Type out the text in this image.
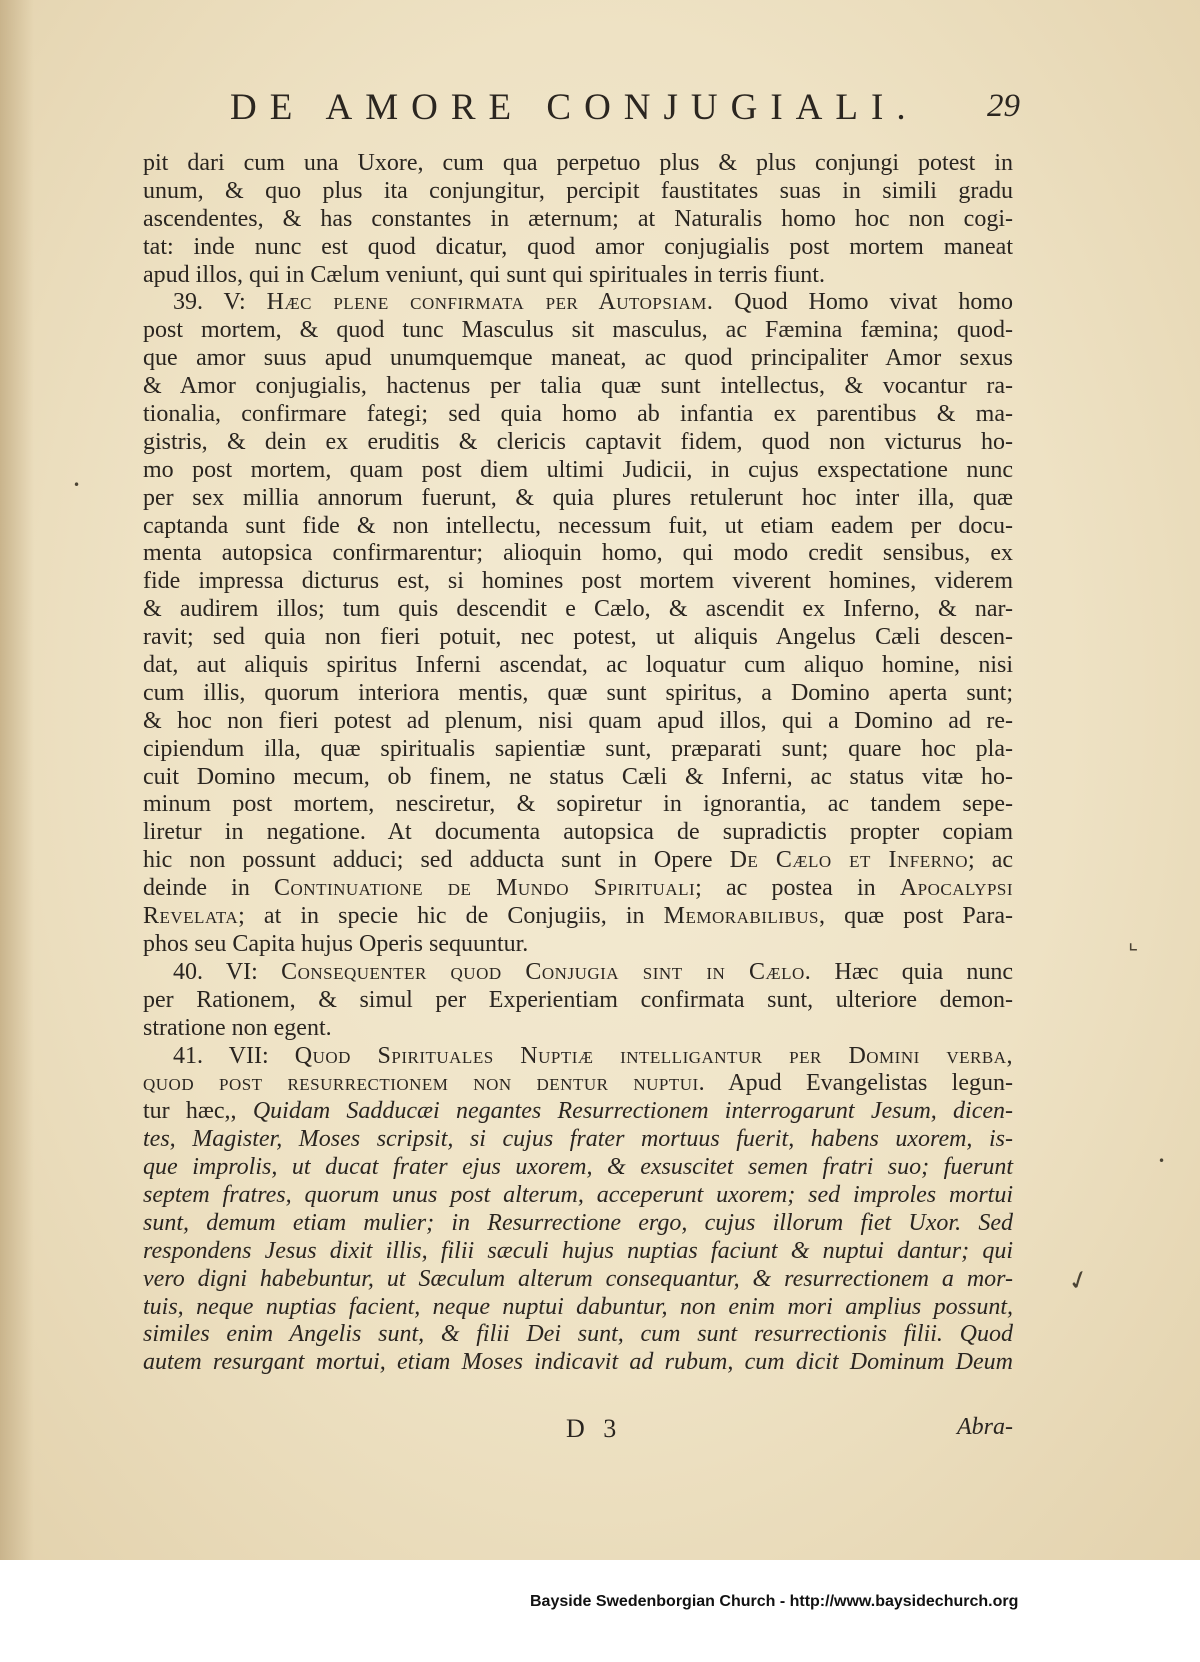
DE AMORE CONJUGIALI. 29
pit dari cum una Uxore, cum qua perpetuo plus & plus conjungi potest in
unum, & quo plus ita conjungitur, percipit faustitates suas in simili gradu
ascendentes, & has constantes in æternum; at Naturalis homo hoc non cogi-
tat: inde nunc est quod dicatur, quod amor conjugialis post mortem maneat
apud illos, qui in Cælum veniunt, qui sunt qui spirituales in terris fiunt.
39. V: Hæc plene confirmata per Autopsiam. Quod Homo vivat homo
post mortem, & quod tunc Masculus sit masculus, ac Fæmina fæmina; quod-
que amor suus apud unumquemque maneat, ac quod principaliter Amor sexus
& Amor conjugialis, hactenus per talia quæ sunt intellectus, & vocantur ra-
tionalia, confirmare fategi; sed quia homo ab infantia ex parentibus & ma-
gistris, & dein ex eruditis & clericis captavit fidem, quod non victurus ho-
mo post mortem, quam post diem ultimi Judicii, in cujus exspectatione nunc
per sex millia annorum fuerunt, & quia plures retulerunt hoc inter illa, quæ
captanda sunt fide & non intellectu, necessum fuit, ut etiam eadem per docu-
menta autopsica confirmarentur; alioquin homo, qui modo credit sensibus, ex
fide impressa dicturus est, si homines post mortem viverent homines, viderem
& audirem illos; tum quis descendit e Cælo, & ascendit ex Inferno, & nar-
ravit; sed quia non fieri potuit, nec potest, ut aliquis Angelus Cæli descen-
dat, aut aliquis spiritus Inferni ascendat, ac loquatur cum aliquo homine, nisi
cum illis, quorum interiora mentis, quæ sunt spiritus, a Domino aperta sunt;
& hoc non fieri potest ad plenum, nisi quam apud illos, qui a Domino ad re-
cipiendum illa, quæ spiritualis sapientiæ sunt, præparati sunt; quare hoc pla-
cuit Domino mecum, ob finem, ne status Cæli & Inferni, ac status vitæ ho-
minum post mortem, nesciretur, & sopiretur in ignorantia, ac tandem sepe-
liretur in negatione. At documenta autopsica de supradictis propter copiam
hic non possunt adduci; sed adducta sunt in Opere De Cælo et Inferno; ac
deinde in Continuatione de Mundo Spirituali; ac postea in Apocalypsi
Revelata; at in specie hic de Conjugiis, in Memorabilibus, quæ post Para-
phos seu Capita hujus Operis sequuntur.
40. VI: Consequenter quod Conjugia sint in Cælo. Hæc quia nunc
per Rationem, & simul per Experientiam confirmata sunt, ulteriore demon-
stratione non egent.
41. VII: Quod Spirituales Nuptiæ intelligantur per Domini verba,
quod post resurrectionem non dentur nuptui. Apud Evangelistas legun-
tur hæc,, Quidam Sadducæi negantes Resurrectionem interrogarunt Jesum, dicen-
tes, Magister, Moses scripsit, si cujus frater mortuus fuerit, habens uxorem, is-
que improlis, ut ducat frater ejus uxorem, & exsuscitet semen fratri suo; fuerunt
septem fratres, quorum unus post alterum, acceperunt uxorem; sed improles mortui
sunt, demum etiam mulier; in Resurrectione ergo, cujus illorum fiet Uxor. Sed
respondens Jesus dixit illis, filii sæculi hujus nuptias faciunt & nuptui dantur; qui
vero digni habebuntur, ut Sæculum alterum consequantur, & resurrectionem a mor-
tuis, neque nuptias facient, neque nuptui dabuntur, non enim mori amplius possunt,
similes enim Angelis sunt, & filii Dei sunt, cum sunt resurrectionis filii. Quod
autem resurgant mortui, etiam Moses indicavit ad rubum, cum dicit Dominum Deum
D 3	Abra-
⌞
✓
•
•
Bayside Swedenborgian Church - http://www.baysidechurch.org
